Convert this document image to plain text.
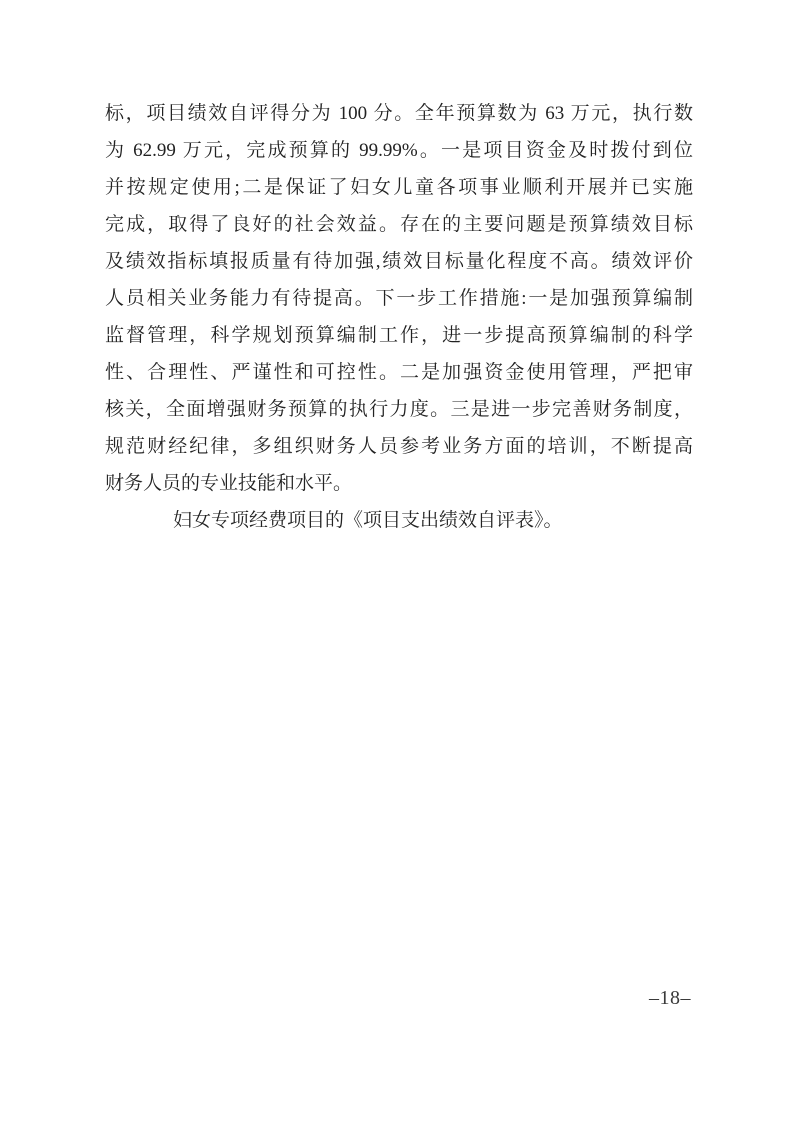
标，项目绩效自评得分为 100 分。全年预算数为 63 万元，执行数
为 62.99 万元，完成预算的 99.99%。一是项目资金及时拨付到位
并按规定使用;二是保证了妇女儿童各项事业顺利开展并已实施
完成，取得了良好的社会效益。存在的主要问题是预算绩效目标
及绩效指标填报质量有待加强,绩效目标量化程度不高。绩效评价
人员相关业务能力有待提高。下一步工作措施:一是加强预算编制
监督管理，科学规划预算编制工作，进一步提高预算编制的科学
性、合理性、严谨性和可控性。二是加强资金使用管理，严把审
核关，全面增强财务预算的执行力度。三是进一步完善财务制度，
规范财经纪律，多组织财务人员参考业务方面的培训，不断提高
财务人员的专业技能和水平。
妇女专项经费项目的《项目支出绩效自评表》。
–18–
